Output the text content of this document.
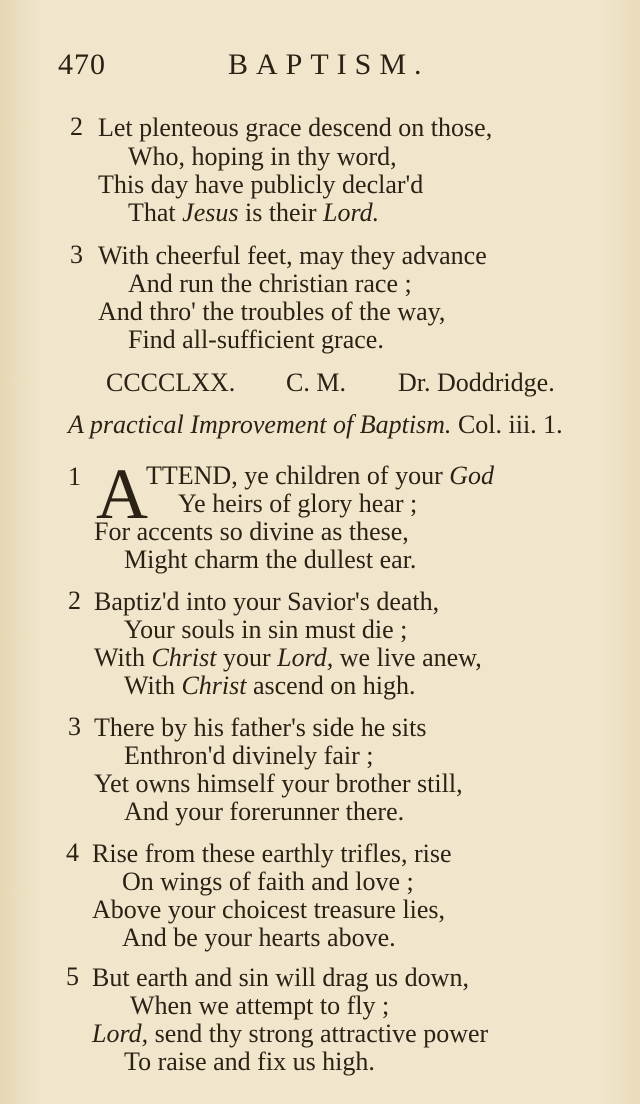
470	BAPTISM.
2 Let plenteous grace descend on those,
Who, hoping in thy word,
This day have publicly declar'd
That Jesus is their Lord.
3 With cheerful feet, may they advance
And run the christian race ;
And thro' the troubles of the way,
Find all-sufficient grace.
CCCCLXX. C. M. Dr. Doddridge.
A practical Improvement of Baptism. Col. iii. 1.
1 A
TTEND, ye children of your God
Ye heirs of glory hear ;
For accents so divine as these,
Might charm the dullest ear.
2 Baptiz'd into your Savior's death,
Your souls in sin must die ;
With Christ your Lord, we live anew,
With Christ ascend on high.
3 There by his father's side he sits
Enthron'd divinely fair ;
Yet owns himself your brother still,
And your forerunner there.
4 Rise from these earthly trifles, rise
On wings of faith and love ;
Above your choicest treasure lies,
And be your hearts above.
5 But earth and sin will drag us down,
When we attempt to fly ;
Lord, send thy strong attractive power
To raise and fix us high.
